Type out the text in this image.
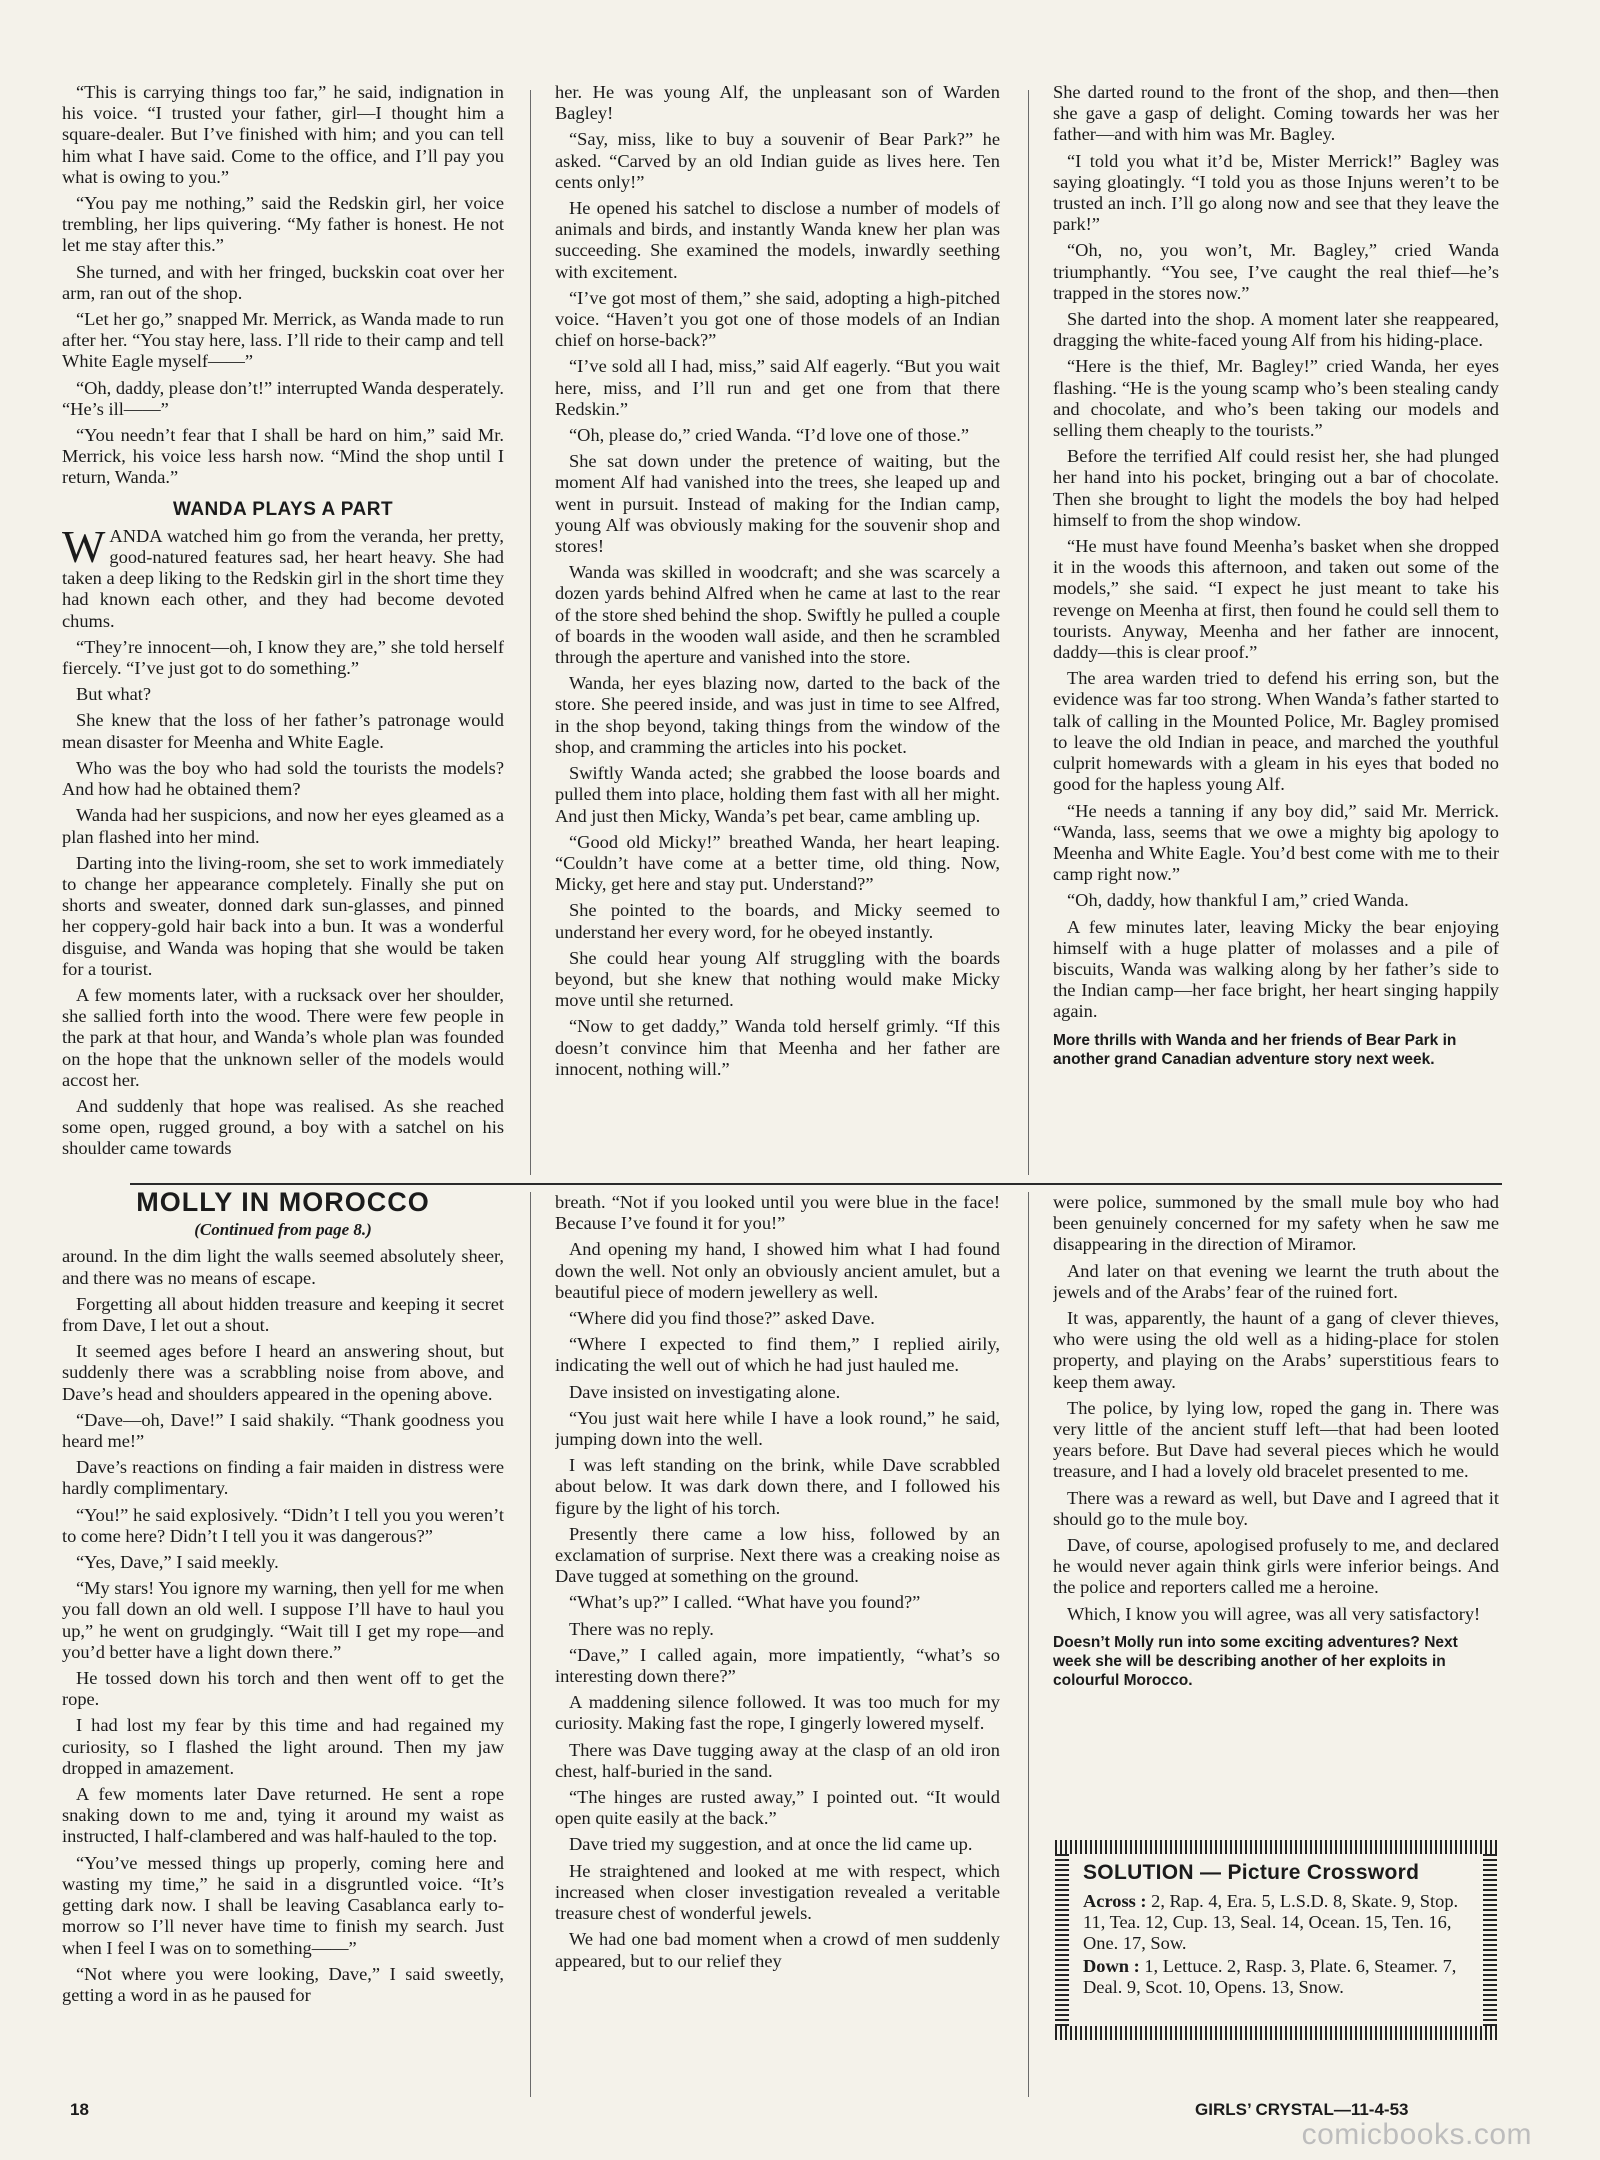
“This is carrying things too far,” he said, indignation in his voice. “I trusted your father, girl—I thought him a square-dealer. But I’ve finished with him; and you can tell him what I have said. Come to the office, and I’ll pay you what is owing to you.”

“You pay me nothing,” said the Redskin girl, her voice trembling, her lips quivering. “My father is honest. He not let me stay after this.”

She turned, and with her fringed, buckskin coat over her arm, ran out of the shop.

“Let her go,” snapped Mr. Merrick, as Wanda made to run after her. “You stay here, lass. I’ll ride to their camp and tell White Eagle myself——”

“Oh, daddy, please don’t!” interrupted Wanda desperately. “He’s ill——”

“You needn’t fear that I shall be hard on him,” said Mr. Merrick, his voice less harsh now. “Mind the shop until I return, Wanda.”

WANDA PLAYS A PART

WANDA watched him go from the veranda, her pretty, good-natured features sad, her heart heavy. She had taken a deep liking to the Redskin girl in the short time they had known each other, and they had become devoted chums.

“They’re innocent—oh, I know they are,” she told herself fiercely. “I’ve just got to do something.”

But what?

She knew that the loss of her father’s patronage would mean disaster for Meenha and White Eagle.

Who was the boy who had sold the tourists the models? And how had he obtained them?

Wanda had her suspicions, and now her eyes gleamed as a plan flashed into her mind.

Darting into the living-room, she set to work immediately to change her appearance completely. Finally she put on shorts and sweater, donned dark sun-glasses, and pinned her coppery-gold hair back into a bun. It was a wonderful disguise, and Wanda was hoping that she would be taken for a tourist.

A few moments later, with a rucksack over her shoulder, she sallied forth into the wood. There were few people in the park at that hour, and Wanda’s whole plan was founded on the hope that the unknown seller of the models would accost her.

And suddenly that hope was realised. As she reached some open, rugged ground, a boy with a satchel on his shoulder came towards

her. He was young Alf, the unpleasant son of Warden Bagley!

“Say, miss, like to buy a souvenir of Bear Park?” he asked. “Carved by an old Indian guide as lives here. Ten cents only!”

He opened his satchel to disclose a number of models of animals and birds, and instantly Wanda knew her plan was succeeding. She examined the models, inwardly seething with excitement.

“I’ve got most of them,” she said, adopting a high-pitched voice. “Haven’t you got one of those models of an Indian chief on horse-back?”

“I’ve sold all I had, miss,” said Alf eagerly. “But you wait here, miss, and I’ll run and get one from that there Redskin.”

“Oh, please do,” cried Wanda. “I’d love one of those.”

She sat down under the pretence of waiting, but the moment Alf had vanished into the trees, she leaped up and went in pursuit. Instead of making for the Indian camp, young Alf was obviously making for the souvenir shop and stores!

Wanda was skilled in woodcraft; and she was scarcely a dozen yards behind Alfred when he came at last to the rear of the store shed behind the shop. Swiftly he pulled a couple of boards in the wooden wall aside, and then he scrambled through the aperture and vanished into the store.

Wanda, her eyes blazing now, darted to the back of the store. She peered inside, and was just in time to see Alfred, in the shop beyond, taking things from the window of the shop, and cramming the articles into his pocket.

Swiftly Wanda acted; she grabbed the loose boards and pulled them into place, holding them fast with all her might. And just then Micky, Wanda’s pet bear, came ambling up.

“Good old Micky!” breathed Wanda, her heart leaping. “Couldn’t have come at a better time, old thing. Now, Micky, get here and stay put. Understand?”

She pointed to the boards, and Micky seemed to understand her every word, for he obeyed instantly.

She could hear young Alf struggling with the boards beyond, but she knew that nothing would make Micky move until she returned.

“Now to get daddy,” Wanda told herself grimly. “If this doesn’t convince him that Meenha and her father are innocent, nothing will.”

She darted round to the front of the shop, and then—then she gave a gasp of delight. Coming towards her was her father—and with him was Mr. Bagley.

“I told you what it’d be, Mister Merrick!” Bagley was saying gloatingly. “I told you as those Injuns weren’t to be trusted an inch. I’ll go along now and see that they leave the park!”

“Oh, no, you won’t, Mr. Bagley,” cried Wanda triumphantly. “You see, I’ve caught the real thief—he’s trapped in the stores now.”

She darted into the shop. A moment later she reappeared, dragging the white-faced young Alf from his hiding-place.

“Here is the thief, Mr. Bagley!” cried Wanda, her eyes flashing. “He is the young scamp who’s been stealing candy and chocolate, and who’s been taking our models and selling them cheaply to the tourists.”

Before the terrified Alf could resist her, she had plunged her hand into his pocket, bringing out a bar of chocolate. Then she brought to light the models the boy had helped himself to from the shop window.

“He must have found Meenha’s basket when she dropped it in the woods this afternoon, and taken out some of the models,” she said. “I expect he just meant to take his revenge on Meenha at first, then found he could sell them to tourists. Anyway, Meenha and her father are innocent, daddy—this is clear proof.”

The area warden tried to defend his erring son, but the evidence was far too strong. When Wanda’s father started to talk of calling in the Mounted Police, Mr. Bagley promised to leave the old Indian in peace, and marched the youthful culprit homewards with a gleam in his eyes that boded no good for the hapless young Alf.

“He needs a tanning if any boy did,” said Mr. Merrick. “Wanda, lass, seems that we owe a mighty big apology to Meenha and White Eagle. You’d best come with me to their camp right now.”

“Oh, daddy, how thankful I am,” cried Wanda.

A few minutes later, leaving Micky the bear enjoying himself with a huge platter of molasses and a pile of biscuits, Wanda was walking along by her father’s side to the Indian camp—her face bright, her heart singing happily again.

More thrills with Wanda and her friends of Bear Park in another grand Canadian adventure story next week.

MOLLY IN MOROCCO
(Continued from page 8.)

around. In the dim light the walls seemed absolutely sheer, and there was no means of escape.

Forgetting all about hidden treasure and keeping it secret from Dave, I let out a shout.

It seemed ages before I heard an answering shout, but suddenly there was a scrabbling noise from above, and Dave’s head and shoulders appeared in the opening above.

“Dave—oh, Dave!” I said shakily. “Thank goodness you heard me!”

Dave’s reactions on finding a fair maiden in distress were hardly complimentary.

“You!” he said explosively. “Didn’t I tell you you weren’t to come here? Didn’t I tell you it was dangerous?”

“Yes, Dave,” I said meekly.

“My stars! You ignore my warning, then yell for me when you fall down an old well. I suppose I’ll have to haul you up,” he went on grudgingly. “Wait till I get my rope—and you’d better have a light down there.”

He tossed down his torch and then went off to get the rope.

I had lost my fear by this time and had regained my curiosity, so I flashed the light around. Then my jaw dropped in amazement.

A few moments later Dave returned. He sent a rope snaking down to me and, tying it around my waist as instructed, I half-clambered and was half-hauled to the top.

“You’ve messed things up properly, coming here and wasting my time,” he said in a disgruntled voice. “It’s getting dark now. I shall be leaving Casablanca early to-morrow so I’ll never have time to finish my search. Just when I feel I was on to something——”

“Not where you were looking, Dave,” I said sweetly, getting a word in as he paused for

breath. “Not if you looked until you were blue in the face! Because I’ve found it for you!”

And opening my hand, I showed him what I had found down the well. Not only an obviously ancient amulet, but a beautiful piece of modern jewellery as well.

“Where did you find those?” asked Dave.

“Where I expected to find them,” I replied airily, indicating the well out of which he had just hauled me.

Dave insisted on investigating alone.

“You just wait here while I have a look round,” he said, jumping down into the well.

I was left standing on the brink, while Dave scrabbled about below. It was dark down there, and I followed his figure by the light of his torch.

Presently there came a low hiss, followed by an exclamation of surprise. Next there was a creaking noise as Dave tugged at something on the ground.

“What’s up?” I called. “What have you found?”

There was no reply.

“Dave,” I called again, more impatiently, “what’s so interesting down there?”

A maddening silence followed. It was too much for my curiosity. Making fast the rope, I gingerly lowered myself.

There was Dave tugging away at the clasp of an old iron chest, half-buried in the sand.

“The hinges are rusted away,” I pointed out. “It would open quite easily at the back.”

Dave tried my suggestion, and at once the lid came up.

He straightened and looked at me with respect, which increased when closer investigation revealed a veritable treasure chest of wonderful jewels.

We had one bad moment when a crowd of men suddenly appeared, but to our relief they

were police, summoned by the small mule boy who had been genuinely concerned for my safety when he saw me disappearing in the direction of Miramor.

And later on that evening we learnt the truth about the jewels and of the Arabs’ fear of the ruined fort.

It was, apparently, the haunt of a gang of clever thieves, who were using the old well as a hiding-place for stolen property, and playing on the Arabs’ superstitious fears to keep them away.

The police, by lying low, roped the gang in. There was very little of the ancient stuff left—that had been looted years before. But Dave had several pieces which he would treasure, and I had a lovely old bracelet presented to me.

There was a reward as well, but Dave and I agreed that it should go to the mule boy.

Dave, of course, apologised profusely to me, and declared he would never again think girls were inferior beings. And the police and reporters called me a heroine.

Which, I know you will agree, was all very satisfactory!

Doesn’t Molly run into some exciting adventures? Next week she will be describing another of her exploits in colourful Morocco.

SOLUTION — Picture Crossword

Across : 2, Rap. 4, Era. 5, L.S.D. 8, Skate. 9, Stop. 11, Tea. 12, Cup. 13, Seal. 14, Ocean. 15, Ten. 16, One. 17, Sow.

Down : 1, Lettuce. 2, Rasp. 3, Plate. 6, Steamer. 7, Deal. 9, Scot. 10, Opens. 13, Snow.

18	GIRLS’ CRYSTAL—11-4-53
comicbooks.com
